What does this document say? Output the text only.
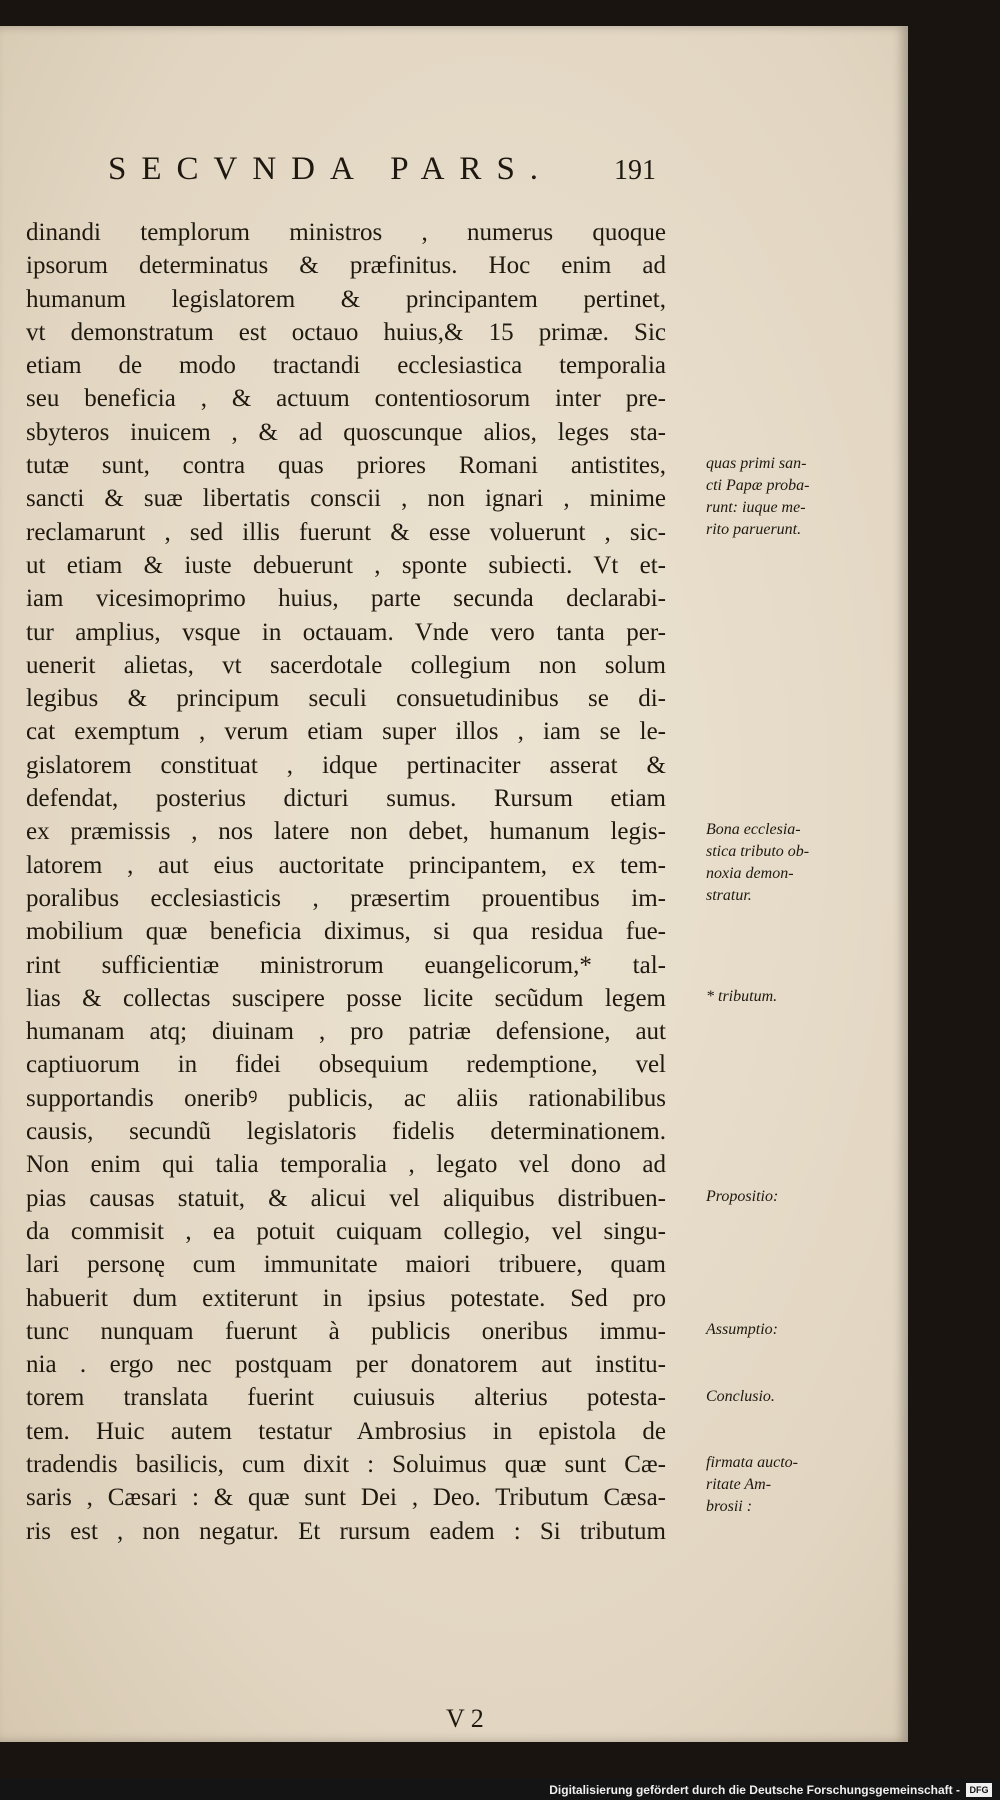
SECVNDA PARS. 191
dinandi templorum ministros , numerus quoque
ipsorum determinatus & præfinitus. Hoc enim ad
humanum legislatorem & principantem pertinet,
vt demonstratum est octauo huius,& 15 primæ. Sic
etiam de modo tractandi ecclesiastica temporalia
seu beneficia , & actuum contentiosorum inter pre-
sbyteros inuicem , & ad quoscunque alios, leges sta-
tutæ sunt, contra quas priores Romani antistites,
sancti & suæ libertatis conscii , non ignari , minime
reclamarunt , sed illis fuerunt & esse voluerunt , sic-
ut etiam & iuste debuerunt , sponte subiecti. Vt et-
iam vicesimoprimo huius, parte secunda declarabi-
tur amplius, vsque in octauam. Vnde vero tanta per-
uenerit alietas, vt sacerdotale collegium non solum
legibus & principum seculi consuetudinibus se di-
cat exemptum , verum etiam super illos , iam se le-
gislatorem constituat , idque pertinaciter asserat &
defendat, posterius dicturi sumus. Rursum etiam
ex præmissis , nos latere non debet, humanum legis-
latorem , aut eius auctoritate principantem, ex tem-
poralibus ecclesiasticis , præsertim prouentibus im-
mobilium quæ beneficia diximus, si qua residua fue-
rint sufficientiæ ministrorum euangelicorum,* tal-
lias & collectas suscipere posse licite secũdum legem
humanam atq; diuinam , pro patriæ defensione, aut
captiuorum in fidei obsequium redemptione, vel
supportandis oneribꝰ publicis, ac aliis rationabilibus
causis, secundũ legislatoris fidelis determinationem.
Non enim qui talia temporalia , legato vel dono ad
pias causas statuit, & alicui vel aliquibus distribuen-
da commisit , ea potuit cuiquam collegio, vel singu-
lari personę cum immunitate maiori tribuere, quam
habuerit dum extiterunt in ipsius potestate. Sed pro
tunc nunquam fuerunt à publicis oneribus immu-
nia . ergo nec postquam per donatorem aut institu-
torem translata fuerint cuiusuis alterius potesta-
tem. Huic autem testatur Ambrosius in epistola de
tradendis basilicis, cum dixit : Soluimus quæ sunt Cæ-
saris , Cæsari : & quæ sunt Dei , Deo. Tributum Cæsa-
ris est , non negatur. Et rursum eadem : Si tributum
quas primi san-
cti Papæ proba-
runt: iuque me-
rito paruerunt.
Bona ecclesia-
stica tributo ob-
noxia demon-
stratur.
* tributum.
Propositio:
Assumptio:
Conclusio.
firmata aucto-
ritate Am-
brosii :
V 2
Digitalisierung gefördert durch die Deutsche Forschungsgemeinschaft -	DFG
